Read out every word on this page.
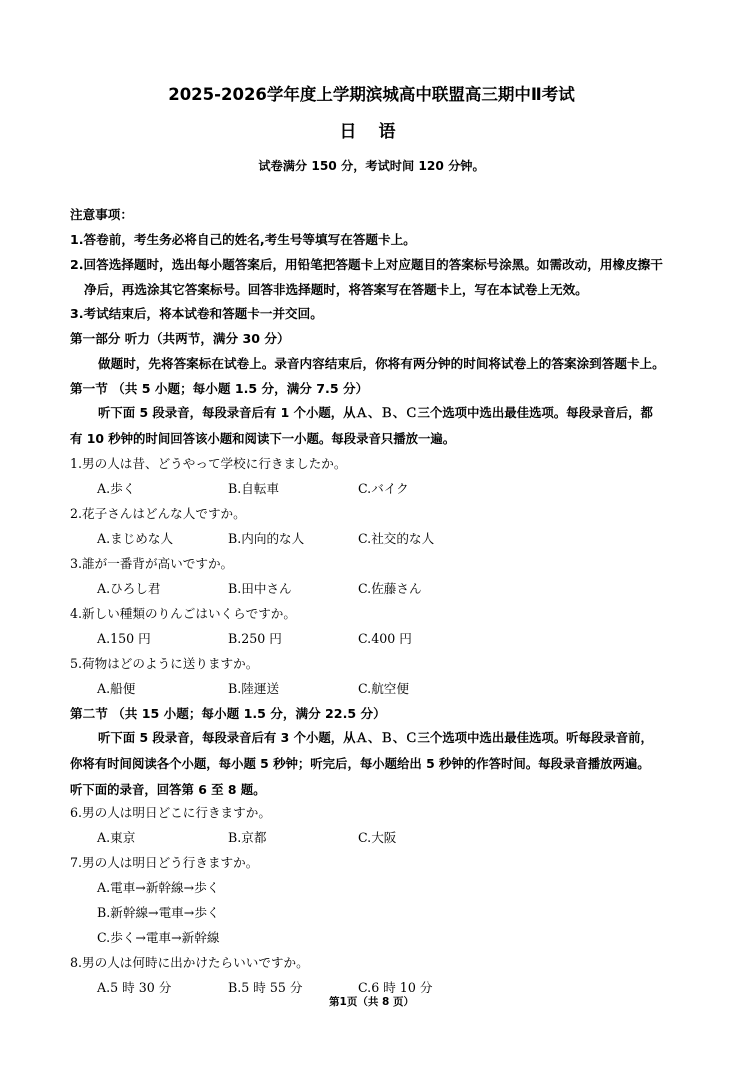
2025-2026学年度上学期滨城高中联盟高三期中Ⅱ考试
日 语
试卷满分 150 分，考试时间 120 分钟。
注意事项：
1.答卷前，考生务必将自己的姓名,考生号等填写在答题卡上。
2.回答选择题时，选出每小题答案后，用铅笔把答题卡上对应题目的答案标号涂黑。如需改动，用橡皮擦干
净后，再选涂其它答案标号。回答非选择题时，将答案写在答题卡上，写在本试卷上无效。
3.考试结束后，将本试卷和答题卡一并交回。
第一部分 听力（共两节，满分 30 分）
做题时，先将答案标在试卷上。录音内容结束后，你将有两分钟的时间将试卷上的答案涂到答题卡上。
第一节 （共 5 小题；每小题 1.5 分，满分 7.5 分）
听下面 5 段录音，每段录音后有 1 个小题，从Ａ、Ｂ、Ｃ三个选项中选出最佳选项。每段录音后，都
有 10 秒钟的时间回答该小题和阅读下一小题。每段录音只播放一遍。
1.男の人は昔、どうやって学校に行きましたか。
A.歩く	B.自転車	C.バイク
2.花子さんはどんな人ですか。
A.まじめな人	B.内向的な人	C.社交的な人
3.誰が一番背が高いですか。
A.ひろし君	B.田中さん	C.佐藤さん
4.新しい種類のりんごはいくらですか。
A.150 円	B.250 円	C.400 円
5.荷物はどのように送りますか。
A.船便	B.陸運送	C.航空便
第二节 （共 15 小题；每小题 1.5 分，满分 22.5 分）
听下面 5 段录音，每段录音后有 3 个小题，从Ａ、Ｂ、Ｃ三个选项中选出最佳选项。听每段录音前，
你将有时间阅读各个小题，每小题 5 秒钟；听完后，每小题给出 5 秒钟的作答时间。每段录音播放两遍。
听下面的录音，回答第 6 至 8 题。
6.男の人は明日どこに行きますか。
A.東京	B.京都	C.大阪
7.男の人は明日どう行きますか。
A.電車→新幹線→歩く
B.新幹線→電車→歩く
C.歩く→電車→新幹線
8.男の人は何時に出かけたらいいですか。
A.5 時 30 分	B.5 時 55 分	C.6 時 10 分
第1页（共 8 页）
